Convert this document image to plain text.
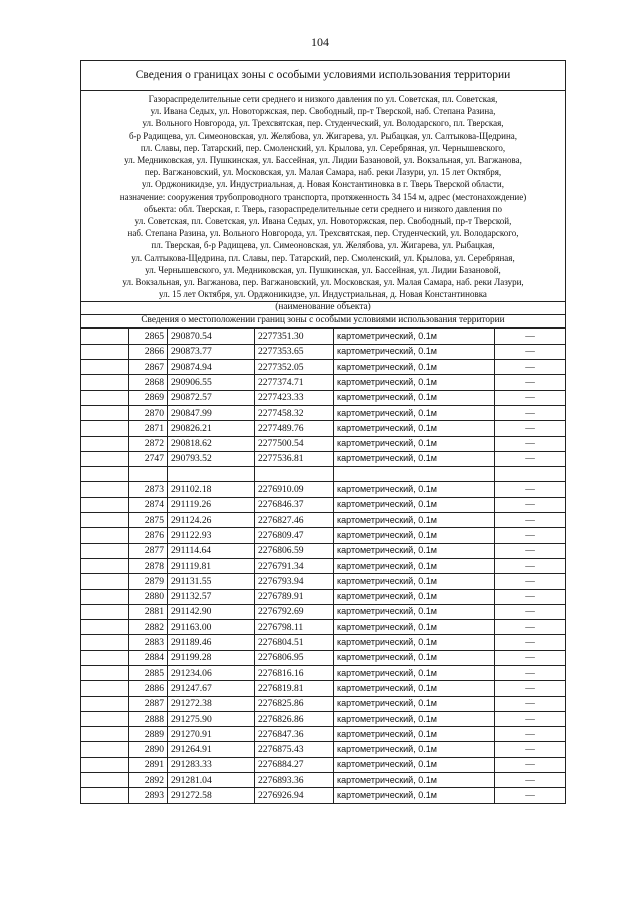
104
Сведения о границах зоны с особыми условиями использования территории
Газораспределительные сети среднего и низкого давления по ул. Советская, пл. Советская,
ул. Ивана Седых, ул. Новоторжская, пер. Свободный, пр-т Тверской, наб. Степана Разина,
ул. Вольного Новгорода, ул. Трехсвятская, пер. Студенческий, ул. Володарского, пл. Тверская,
б-р Радищева, ул. Симеоновская, ул. Желябова, ул. Жигарева, ул. Рыбацкая, ул. Салтыкова-Щедрина,
пл. Славы, пер. Татарский, пер. Смоленский, ул. Крылова, ул. Серебряная, ул. Чернышевского,
ул. Медниковская, ул. Пушкинская, ул. Бассейная, ул. Лидии Базановой, ул. Вокзальная, ул. Вагжанова,
пер. Вагжановский, ул. Московская, ул. Малая Самара, наб. реки Лазури, ул. 15 лет Октября,
ул. Орджоникидзе, ул. Индустриальная, д. Новая Константиновка в г. Тверь Тверской области,
назначение: сооружения трубопроводного транспорта, протяженность 34 154 м, адрес (местонахождение)
объекта: обл. Тверская, г. Тверь, газораспределительные сети среднего и низкого давления по
ул. Советская, пл. Советская, ул. Ивана Седых, ул. Новоторжская, пер. Свободный, пр-т Тверской,
наб. Степана Разина, ул. Вольного Новгорода, ул. Трехсвятская, пер. Студенческий, ул. Володарского,
пл. Тверская, б-р Радищева, ул. Симеоновская, ул. Желябова, ул. Жигарева, ул. Рыбацкая,
ул. Салтыкова-Щедрина, пл. Славы, пер. Татарский, пер. Смоленский, ул. Крылова, ул. Серебряная,
ул. Чернышевского, ул. Медниковская, ул. Пушкинская, ул. Бассейная, ул. Лидии Базановой,
ул. Вокзальная, ул. Вагжанова, пер. Вагжановский, ул. Московская, ул. Малая Самара, наб. реки Лазури,
ул. 15 лет Октября, ул. Орджоникидзе, ул. Индустриальная, д. Новая Константиновка
(наименование объекта)
Сведения о местоположении границ зоны с особыми условиями использования территории
	2865	290870.54	2277351.30	картометрический, 0.1м	—
	2866	290873.77	2277353.65	картометрический, 0.1м	—
	2867	290874.94	2277352.05	картометрический, 0.1м	—
	2868	290906.55	2277374.71	картометрический, 0.1м	—
	2869	290872.57	2277423.33	картометрический, 0.1м	—
	2870	290847.99	2277458.32	картометрический, 0.1м	—
	2871	290826.21	2277489.76	картометрический, 0.1м	—
	2872	290818.62	2277500.54	картометрический, 0.1м	—
	2747	290793.52	2277536.81	картометрический, 0.1м	—

	2873	291102.18	2276910.09	картометрический, 0.1м	—
	2874	291119.26	2276846.37	картометрический, 0.1м	—
	2875	291124.26	2276827.46	картометрический, 0.1м	—
	2876	291122.93	2276809.47	картометрический, 0.1м	—
	2877	291114.64	2276806.59	картометрический, 0.1м	—
	2878	291119.81	2276791.34	картометрический, 0.1м	—
	2879	291131.55	2276793.94	картометрический, 0.1м	—
	2880	291132.57	2276789.91	картометрический, 0.1м	—
	2881	291142.90	2276792.69	картометрический, 0.1м	—
	2882	291163.00	2276798.11	картометрический, 0.1м	—
	2883	291189.46	2276804.51	картометрический, 0.1м	—
	2884	291199.28	2276806.95	картометрический, 0.1м	—
	2885	291234.06	2276816.16	картометрический, 0.1м	—
	2886	291247.67	2276819.81	картометрический, 0.1м	—
	2887	291272.38	2276825.86	картометрический, 0.1м	—
	2888	291275.90	2276826.86	картометрический, 0.1м	—
	2889	291270.91	2276847.36	картометрический, 0.1м	—
	2890	291264.91	2276875.43	картометрический, 0.1м	—
	2891	291283.33	2276884.27	картометрический, 0.1м	—
	2892	291281.04	2276893.36	картометрический, 0.1м	—
	2893	291272.58	2276926.94	картометрический, 0.1м	—
